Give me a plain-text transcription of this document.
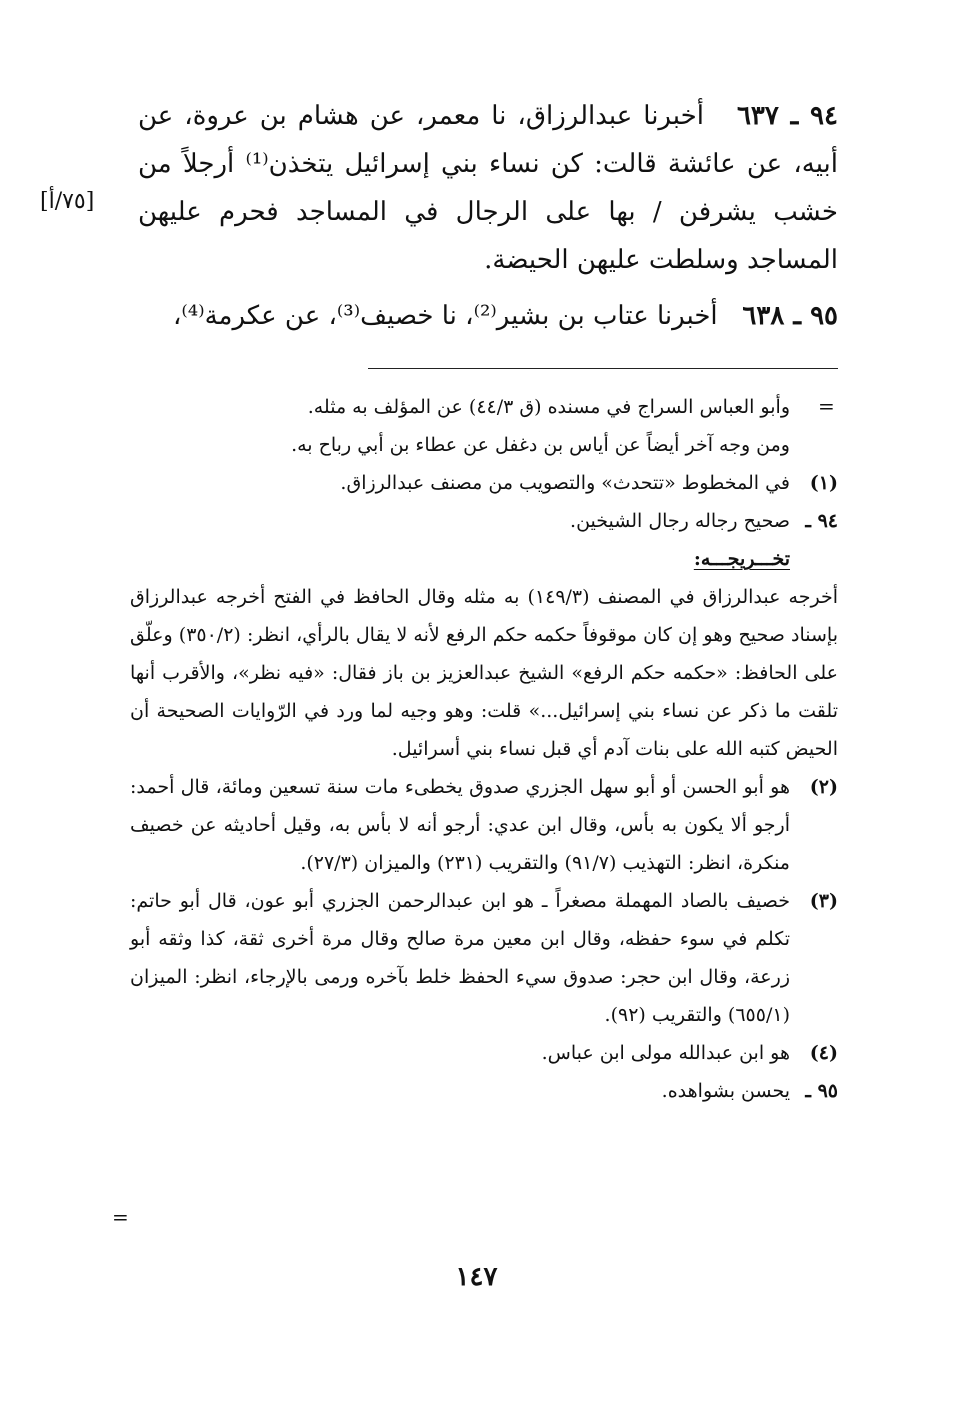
٩٤ ـ ٦٣٧   أخبرنا عبدالرزاق، نا معمر، عن هشام بن عروة، عن أبيه، عن عائشة قالت: كن نساء بني إسرائيل يتخذن⁽¹⁾ أرجلاً من خشب يشرفن / بها على الرجال في المساجد فحرم عليهن المساجد وسلطت عليهن الحيضة.

٩٥ ـ ٦٣٨   أخبرنا عتاب بن بشير⁽²⁾، نا خصيف⁽³⁾، عن عكرمة⁽⁴⁾،

[٧٥/أ]
=

وأبو العباس السراج في مسنده (ق ٤٤/٣) عن المؤلف به مثله.

ومن وجه آخر أيضاً عن أياس بن دغفل عن عطاء بن أبي رباح به.

(١)
في المخطوط «تتحدث» والتصويب من مصنف عبدالرزاق.

٩٤ ـ
صحيح رجاله رجال الشيخين.

تخـــريجـــه:

أخرجه عبدالرزاق في المصنف (١٤٩/٣) به مثله وقال الحافظ في الفتح أخرجه عبدالرزاق بإسناد صحيح وهو إن كان موقوفاً حكمه حكم الرفع لأنه لا يقال بالرأي، انظر: (٣٥٠/٢) وعلّق على الحافظ: «حكمه حكم الرفع» الشيخ عبدالعزيز بن باز فقال: «فيه نظر»، والأقرب أنها تلقت ما ذكر عن نساء بني إسرائيل...» قلت: وهو وجيه لما ورد في الرّوايات الصحيحة أن الحيض كتبه الله على بنات آدم أي قبل نساء بني أسرائيل.

(٢)
هو أبو الحسن أو أبو سهل الجزري صدوق يخطىء مات سنة تسعين ومائة، قال أحمد: أرجو ألا يكون به بأس، وقال ابن عدي: أرجو أنه لا بأس به، وقيل أحاديثه عن خصيف منكرة، انظر: التهذيب (٩١/٧) والتقريب (٢٣١) والميزان (٢٧/٣).

(٣)
خصيف بالصاد المهملة مصغراً ـ هو ابن عبدالرحمن الجزري أبو عون، قال أبو حاتم: تكلم في سوء حفظه، وقال ابن معين مرة صالح وقال مرة أخرى ثقة، كذا وثقه أبو زرعة، وقال ابن حجر: صدوق سيء الحفظ خلط بآخره ورمى بالإرجاء، انظر: الميزان (٦٥٥/١) والتقريب (٩٢).

(٤)
هو ابن عبدالله مولى ابن عباس.

٩٥ ـ
يحسن بشواهده.

=
١٤٧
